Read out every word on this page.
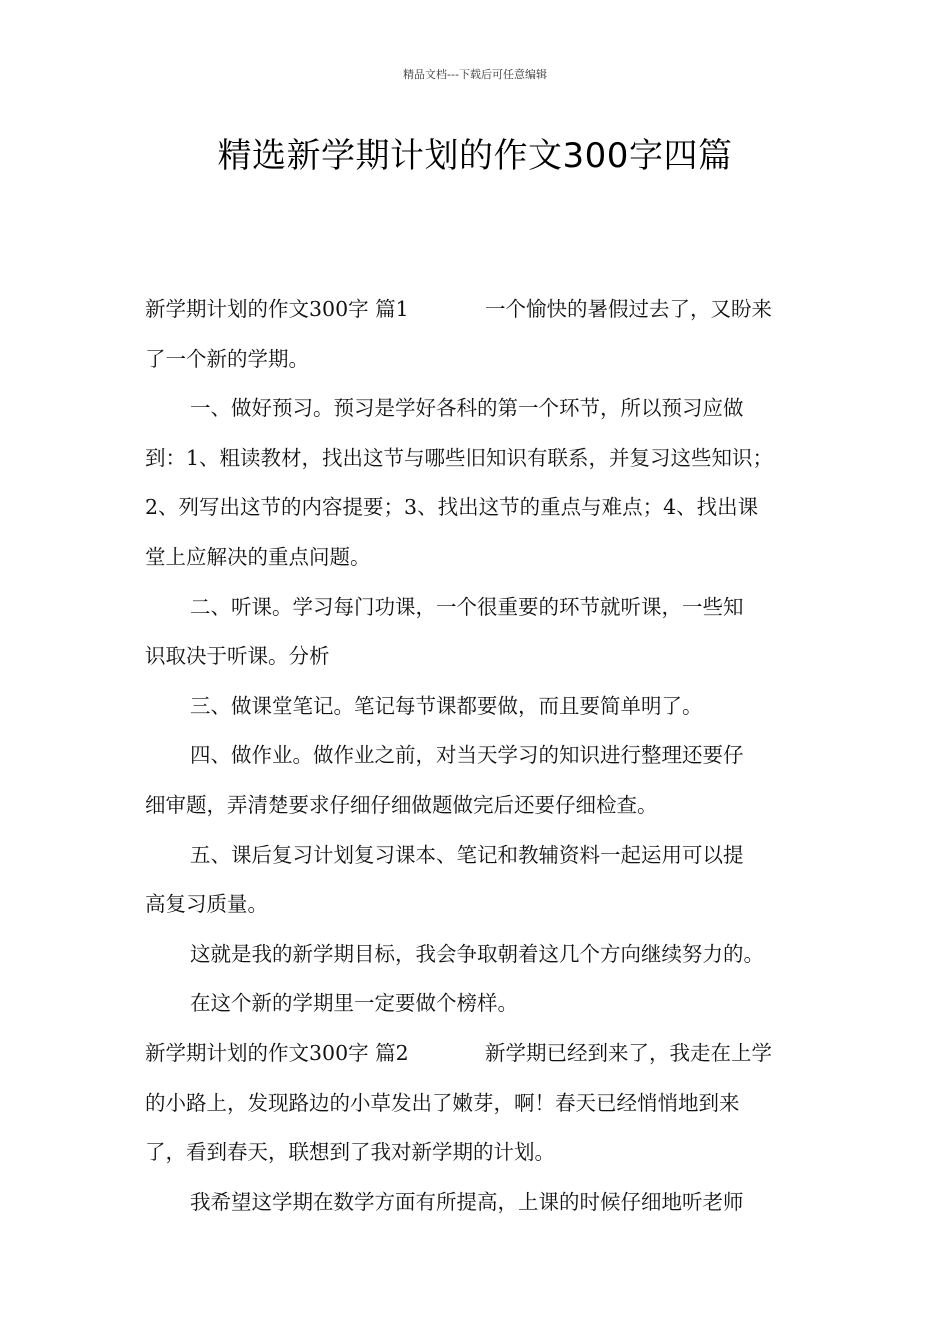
精品文档---下载后可任意编辑
精选新学期计划的作文300字四篇
新学期计划的作文300字 篇1	一个愉快的暑假过去了，又盼来
了一个新的学期。
一、做好预习。预习是学好各科的第一个环节，所以预习应做
到：1、粗读教材，找出这节与哪些旧知识有联系，并复习这些知识；
2、列写出这节的内容提要；3、找出这节的重点与难点；4、找出课
堂上应解决的重点问题。
二、听课。学习每门功课，一个很重要的环节就听课，一些知
识取决于听课。分析
三、做课堂笔记。笔记每节课都要做，而且要简单明了。
四、做作业。做作业之前，对当天学习的知识进行整理还要仔
细审题，弄清楚要求仔细仔细做题做完后还要仔细检查。
五、课后复习计划复习课本、笔记和教辅资料一起运用可以提
高复习质量。
这就是我的新学期目标，我会争取朝着这几个方向继续努力的。
在这个新的学期里一定要做个榜样。
新学期计划的作文300字 篇2	新学期已经到来了，我走在上学
的小路上，发现路边的小草发出了嫩芽，啊！春天已经悄悄地到来
了，看到春天，联想到了我对新学期的计划。
我希望这学期在数学方面有所提高，上课的时候仔细地听老师
